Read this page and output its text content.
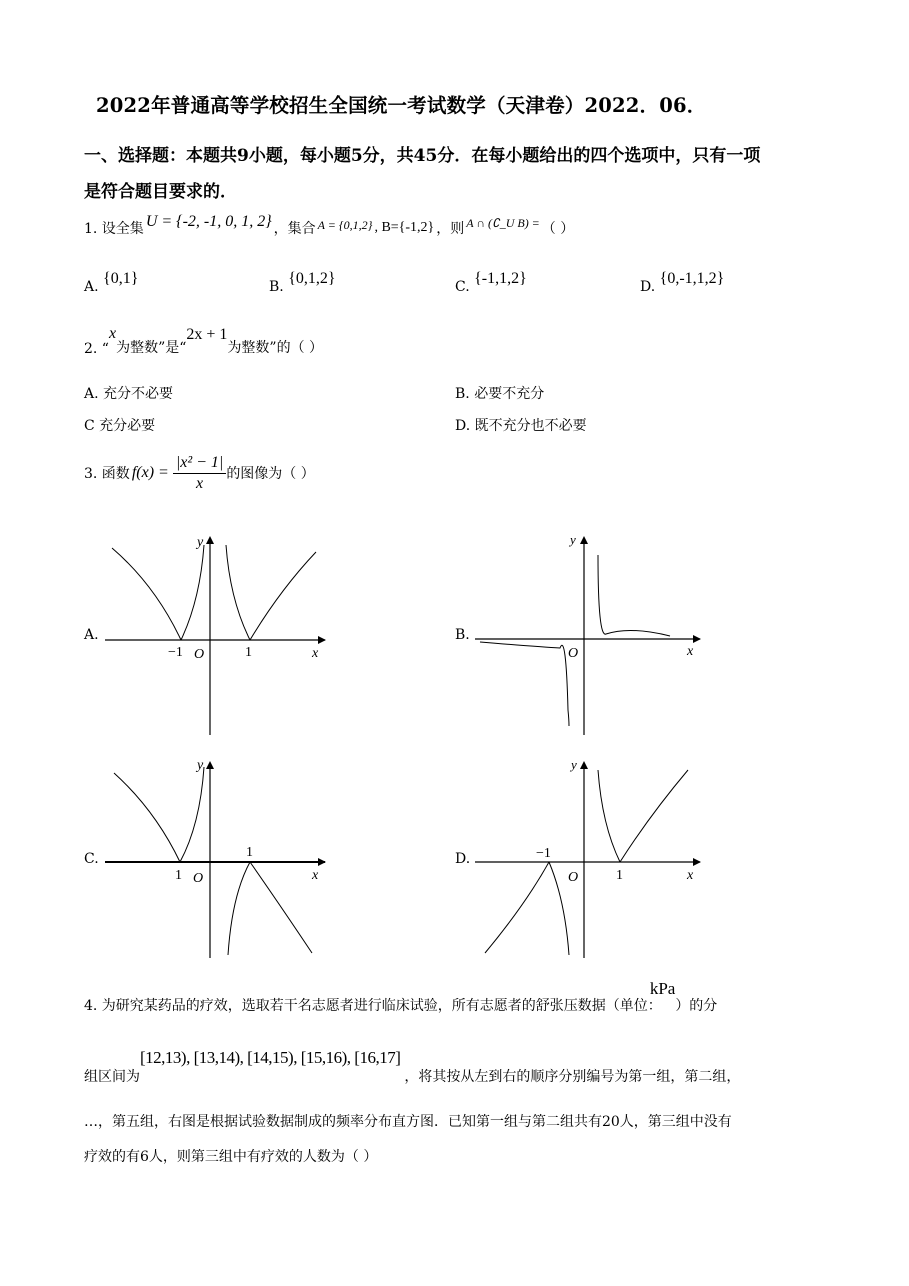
2022年普通高等学校招生全国统一考试数学（天津卷）2022．06．
一、选择题：本题共9小题，每小题5分，共45分．在每小题给出的四个选项中，只有一项
是符合题目要求的．
1. 设全集 U = {-2, -1, 0, 1, 2} ，集合 A = {0,1,2} , B={-1,2} ，则 A ∩ (∁_U B) = （ ）
A. {0,1}	B. {0,1,2}	C. {-1,1,2}	D. {0,-1,1,2}
2. “
x
为整数”是“
2x + 1
为整数”的（ ）
A. 充分不必要	B. 必要不充分
C 充分必要	D. 既不充分也不必要
3. 函数 f(x) =
|x² − 1|
x
的图像为（ ）
A.
y
x
O
−1	1
B.
y
x
O
C.
y
x
O
1
1	D.
y
x
O
−1
1
4. 为研究某药品的疗效，选取若干名志愿者进行临床试验，所有志愿者的舒张压数据（单位：
kPa
）的分
组区间为
[12,13), [13,14), [14,15), [15,16), [16,17]
，将其按从左到右的顺序分别编号为第一组，第二组，
…，第五组，右图是根据试验数据制成的频率分布直方图．已知第一组与第二组共有20人，第三组中没有
疗效的有6人，则第三组中有疗效的人数为（ ）
